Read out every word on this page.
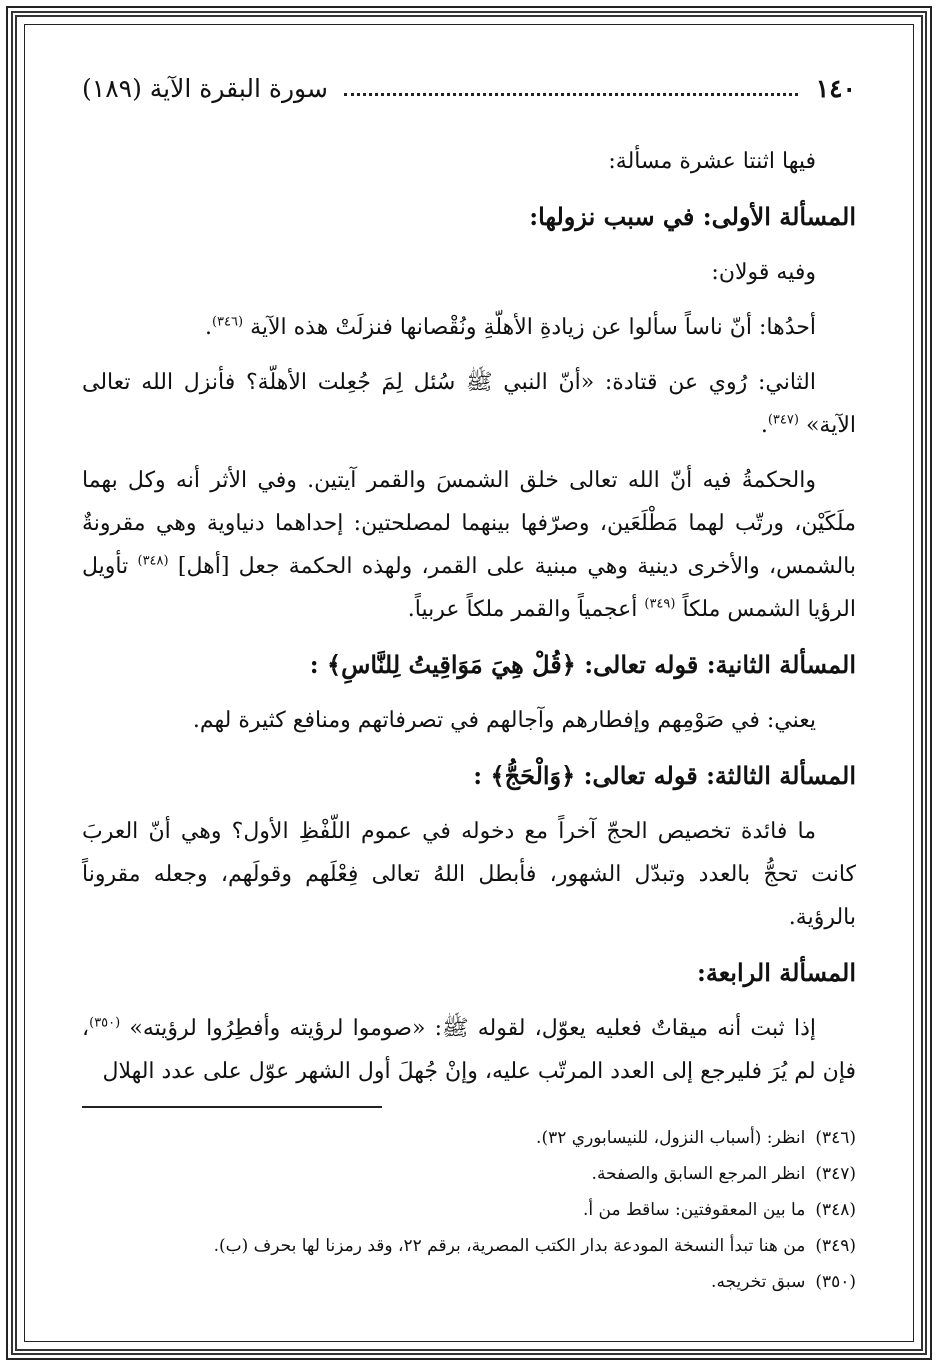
١٤٠
سورة البقرة الآية (١٨٩)

فيها اثنتا عشرة مسألة:

المسألة الأولى: في سبب نزولها:

وفيه قولان:

أحدُها: أنّ ناساً سألوا عن زيادةِ الأهلّةِ ونُقْصانها فنزلَتْ هذه الآية $^{(٣٤٦)}$.

الثاني: رُوي عن قتادة: «أنّ النبي ﷺ سُئل لِمَ جُعِلت الأهلّة؟ فأنزل الله تعالى الآية» $^{(٣٤٧)}$.

والحكمةُ فيه أنّ الله تعالى خلق الشمسَ والقمر آيتين. وفي الأثر أنه وكل بهما ملَكَيْن، ورتّب لهما مَطْلَعَين، وصرّفها بينهما لمصلحتين: إحداهما دنياوية وهي مقرونةٌ بالشمس، والأخرى دينية وهي مبنية على القمر، ولهذه الحكمة جعل [أهل] $^{(٣٤٨)}$ تأويل الرؤيا الشمس ملكاً $^{(٣٤٩)}$ أعجمياً والقمر ملكاً عربياً.

المسألة الثانية: قوله تعالى: ﴿قُلْ هِيَ مَوَاقِيتُ لِلنَّاسِ﴾ :

يعني: في صَوْمِهم وإفطارهم وآجالهم في تصرفاتهم ومنافع كثيرة لهم.

المسألة الثالثة: قوله تعالى: ﴿وَالْحَجُّ﴾ :

ما فائدة تخصيص الحجّ آخراً مع دخوله في عموم اللّفْظِ الأول؟ وهي أنّ العربَ كانت تحجُّ بالعدد وتبدّل الشهور، فأبطل اللهُ تعالى فِعْلَهم وقولَهم، وجعله مقروناً بالرؤية.

المسألة الرابعة:

إذا ثبت أنه ميقاتٌ فعليه يعوّل، لقوله ﷺ: «صوموا لرؤيته وأفطِرُوا لرؤيته» $^{(٣٥٠)}$، فإن لم يُرَ فليرجع إلى العدد المرتّب عليه، وإنْ جُهلَ أول الشهر عوّل على عدد الهلال

(٣٤٦)
انظر: (أسباب النزول، للنيسابوري ٣٢).
(٣٤٧)
انظر المرجع السابق والصفحة.
(٣٤٨)
ما بين المعقوفتين: ساقط من أ.
(٣٤٩)
من هنا تبدأ النسخة المودعة بدار الكتب المصرية، برقم ٢٢، وقد رمزنا لها بحرف (ب).
(٣٥٠)
سبق تخريجه.
